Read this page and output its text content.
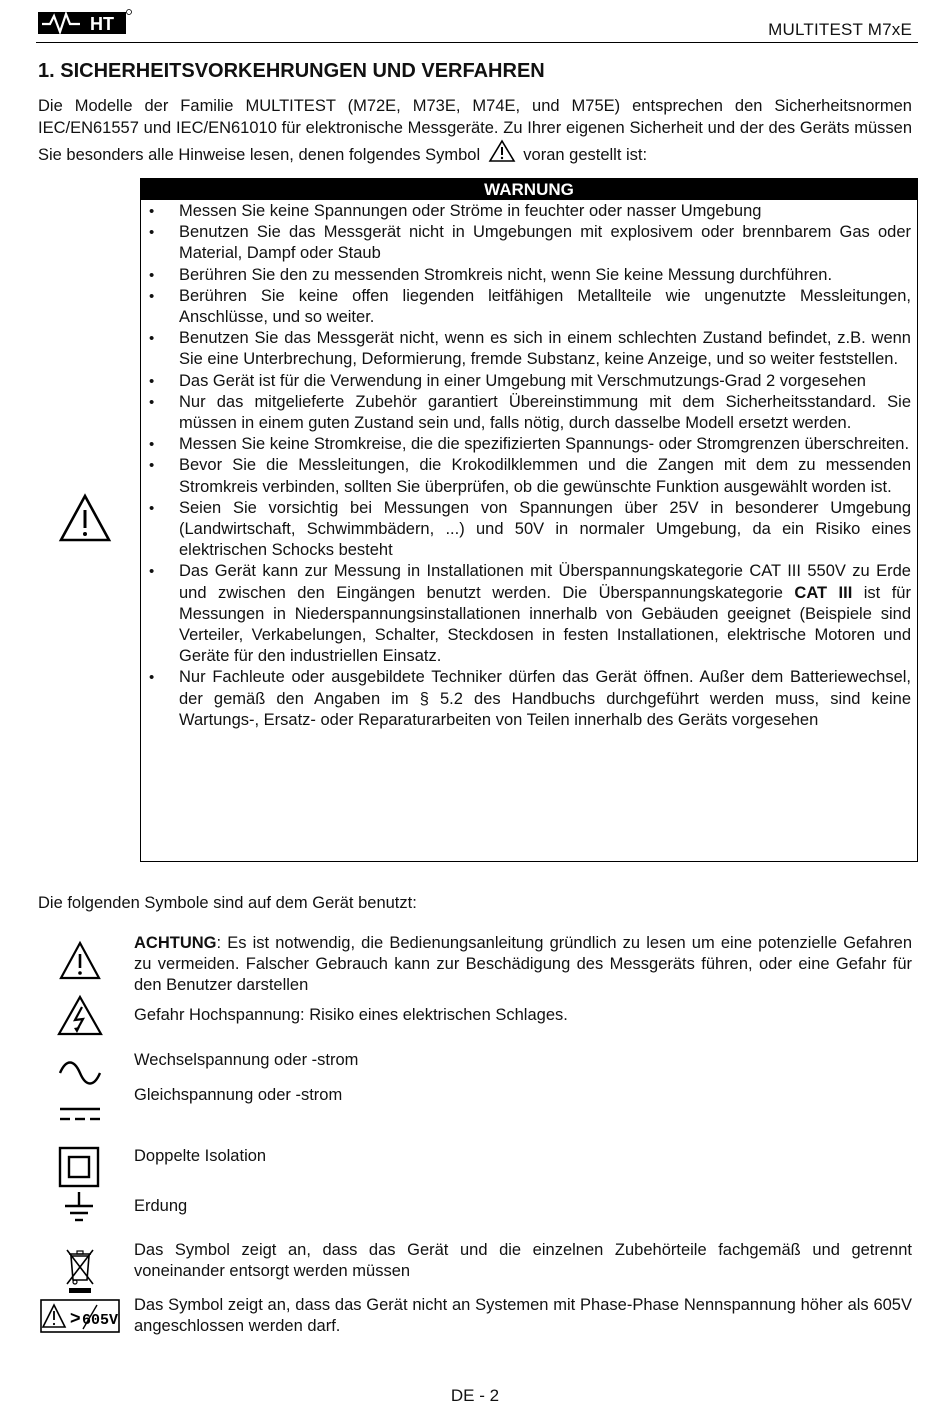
HT	MULTITEST M7xE
1. SICHERHEITSVORKEHRUNGEN UND VERFAHREN
Die Modelle der Familie MULTITEST (M72E, M73E, M74E, und M75E) entsprechen den Sicherheitsnormen IEC/EN61557 und IEC/EN61010 für elektronische Messgeräte. Zu Ihrer eigenen Sicherheit und der des Geräts müssen Sie besonders alle Hinweise lesen, denen folgendes Symbol	voran gestellt ist:
WARNUNG
• Messen Sie keine Spannungen oder Ströme in feuchter oder nasser Umgebung
• Benutzen Sie das Messgerät nicht in Umgebungen mit explosivem oder brennbarem Gas oder Material, Dampf oder Staub
• Berühren Sie den zu messenden Stromkreis nicht, wenn Sie keine Messung durchführen.
• Berühren Sie keine offen liegenden leitfähigen Metallteile wie ungenutzte Messleitungen, Anschlüsse, und so weiter.
• Benutzen Sie das Messgerät nicht, wenn es sich in einem schlechten Zustand befindet, z.B. wenn Sie eine Unterbrechung, Deformierung, fremde Substanz, keine Anzeige, und so weiter feststellen.
• Das Gerät ist für die Verwendung in einer Umgebung mit Verschmutzungs-Grad 2 vorgesehen
• Nur das mitgelieferte Zubehör garantiert Übereinstimmung mit dem Sicherheitsstandard. Sie müssen in einem guten Zustand sein und, falls nötig, durch dasselbe Modell ersetzt werden.
• Messen Sie keine Stromkreise, die die spezifizierten Spannungs- oder Stromgrenzen überschreiten.
• Bevor Sie die Messleitungen, die Krokodilklemmen und die Zangen mit dem zu messenden Stromkreis verbinden, sollten Sie überprüfen, ob die gewünschte Funktion ausgewählt worden ist.
• Seien Sie vorsichtig bei Messungen von Spannungen über 25V in besonderer Umgebung (Landwirtschaft, Schwimmbädern, ...) und 50V in normaler Umgebung, da ein Risiko eines elektrischen Schocks besteht
• Das Gerät kann zur Messung in Installationen mit Überspannungskategorie CAT III 550V zu Erde und zwischen den Eingängen benutzt werden. Die Überspannungskategorie CAT III ist für Messungen in Niederspannungsinstallationen innerhalb von Gebäuden geeignet (Beispiele sind Verteiler, Verkabelungen, Schalter, Steckdosen in festen Installationen, elektrische Motoren und Geräte für den industriellen Einsatz.
• Nur Fachleute oder ausgebildete Techniker dürfen das Gerät öffnen. Außer dem Batteriewechsel, der gemäß den Angaben im § 5.2 des Handbuchs durchgeführt werden muss, sind keine Wartungs-, Ersatz- oder Reparaturarbeiten von Teilen innerhalb des Geräts vorgesehen
Die folgenden Symbole sind auf dem Gerät benutzt:
ACHTUNG: Es ist notwendig, die Bedienungsanleitung gründlich zu lesen um eine potenzielle Gefahren zu vermeiden. Falscher Gebrauch kann zur Beschädigung des Messgeräts führen, oder eine Gefahr für den Benutzer darstellen
Gefahr Hochspannung: Risiko eines elektrischen Schlages.
Wechselspannung oder -strom
Gleichspannung oder -strom
Doppelte Isolation
Erdung
Das Symbol zeigt an, dass das Gerät und die einzelnen Zubehörteile fachgemäß und getrennt voneinander entsorgt werden müssen
> 605V
Das Symbol zeigt an, dass das Gerät nicht an Systemen mit Phase-Phase Nennspannung höher als 605V angeschlossen werden darf.
DE - 2
